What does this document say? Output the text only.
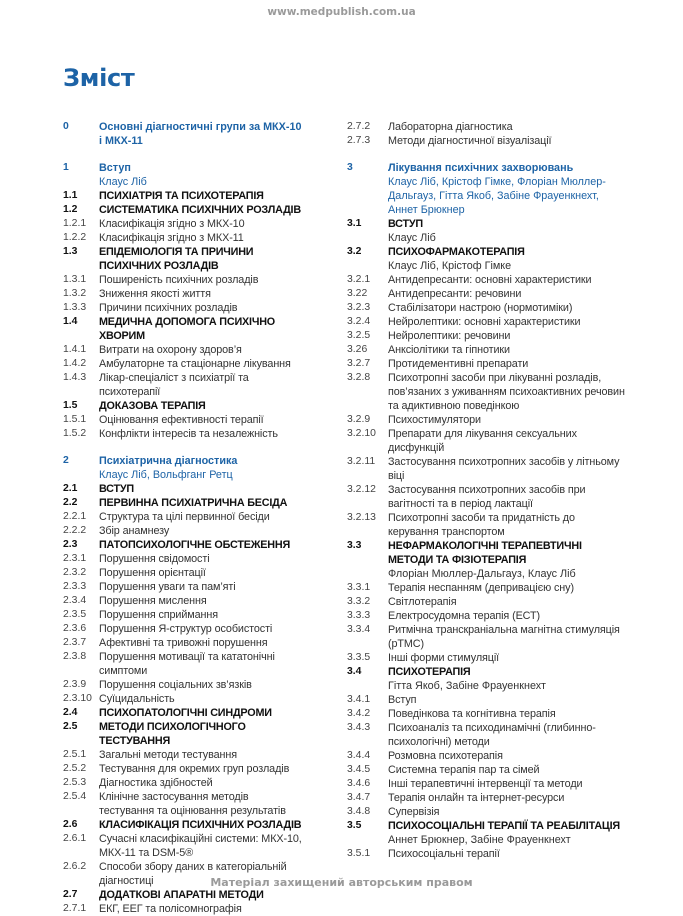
www.medpublish.com.ua
Зміст
0	Основні діагностичні групи за МКХ-10 і МКХ-11
1	Вступ
Клаус Ліб
1.1 ПСИХІАТРІЯ ТА ПСИХОТЕРАПІЯ
1.2 СИСТЕМАТИКА ПСИХІЧНИХ РОЗЛАДІВ
1.2.1 Класифікація згідно з МКХ-10
1.2.2 Класифікація згідно з МКХ-11
1.3 ЕПІДЕМІОЛОГІЯ ТА ПРИЧИНИ ПСИХІЧНИХ РОЗЛАДІВ
1.3.1 Поширеність психічних розладів
1.3.2 Зниження якості життя
1.3.3 Причини психічних розладів
1.4 МЕДИЧНА ДОПОМОГА ПСИХІЧНО ХВОРИМ
1.4.1 Витрати на охорону здоров’я
1.4.2 Амбулаторне та стаціонарне лікування
1.4.3 Лікар-спеціаліст з психіатрії та психотерапії
1.5 ДОКАЗОВА ТЕРАПІЯ
1.5.1 Оцінювання ефективності терапії
1.5.2 Конфлікти інтересів та незалежність
2	Психіатрична діагностика
Клаус Ліб, Вольфганг Ретц
2.1 ВСТУП
2.2 ПЕРВИННА ПСИХІАТРИЧНА БЕСІДА
2.2.1 Структура та цілі первинної бесіди
2.2.2 Збір анамнезу
2.3 ПАТОПСИХОЛОГІЧНЕ ОБСТЕЖЕННЯ
2.3.1 Порушення свідомості
2.3.2 Порушення орієнтації
2.3.3 Порушення уваги та пам’яті
2.3.4 Порушення мислення
2.3.5 Порушення сприймання
2.3.6 Порушення Я-структур особистості
2.3.7 Афективні та тривожні порушення
2.3.8 Порушення мотивації та кататонічні симптоми
2.3.9 Порушення соціальних зв’язків
2.3.10 Суїцидальність
2.4 ПСИХОПАТОЛОГІЧНІ СИНДРОМИ
2.5 МЕТОДИ ПСИХОЛОГІЧНОГО ТЕСТУВАННЯ
2.5.1 Загальні методи тестування
2.5.2 Тестування для окремих груп розладів
2.5.3 Діагностика здібностей
2.5.4 Клінічне застосування методів тестування та оцінювання результатів
2.6 КЛАСИФІКАЦІЯ ПСИХІЧНИХ РОЗЛАДІВ
2.6.1 Сучасні класифікаційні системи: МКХ-10, МКХ-11 та DSM-5®
2.6.2 Способи збору даних в категоріальній діагностиці
2.7 ДОДАТКОВІ АПАРАТНІ МЕТОДИ
2.7.1 ЕКГ, ЕЕГ та полісомнографія
2.7.2 Лабораторна діагностика
2.7.3 Методи діагностичної візуалізації
3	Лікування психічних захворювань
Клаус Ліб, Крістоф Гімке, Флоріан Мюллер-Дальгауз, Гітта Якоб, Забіне Фрауенкнехт, Аннет Брюкнер
3.1 ВСТУП
Клаус Ліб
3.2 ПСИХОФАРМАКОТЕРАПІЯ
Клаус Ліб, Крістоф Гімке
3.2.1 Антидепресанти: основні характеристики
3.22 Антидепресанти: речовини
3.2.3 Стабілізатори настрою (нормотиміки)
3.2.4 Нейролептики: основні характеристики
3.2.5 Нейролептики: речовини
3.26 Анксіолітики та гіпнотики
3.2.7 Протидементивні препарати
3.2.8 Психотропні засоби при лікуванні розладів, пов’язаних з уживанням психоактивних речовин та адиктивною поведінкою
3.2.9 Психостимулятори
3.2.10 Препарати для лікування сексуальних дисфункцій
3.2.11 Застосування психотропних засобів у літньому віці
3.2.12 Застосування психотропних засобів при вагітності та в період лактації
3.2.13 Психотропні засоби та придатність до керування транспортом
3.3 НЕФАРМАКОЛОГІЧНІ ТЕРАПЕВТИЧНІ МЕТОДИ ТА ФІЗІОТЕРАПІЯ
Флоріан Мюллер-Дальгауз, Клаус Ліб
3.3.1 Терапія неспанням (депривацією сну)
3.3.2 Світлотерапія
3.3.3 Електросудомна терапія (ЕСТ)
3.3.4 Ритмічна транскраніальна магнітна стимуляція (рТМС)
3.3.5 Інші форми стимуляції
3.4 ПСИХОТЕРАПІЯ
Гітта Якоб, Забіне Фрауенкнехт
3.4.1 Вступ
3.4.2 Поведінкова та когнітивна терапія
3.4.3 Психоаналіз та психодинамічні (глибинно-психологічні) методи
3.4.4 Розмовна психотерапія
3.4.5 Системна терапія пар та сімей
3.4.6 Інші терапевтичні інтервенції та методи
3.4.7 Терапія онлайн та інтернет-ресурси
3.4.8 Супервізія
3.5 ПСИХОСОЦІАЛЬНІ ТЕРАПІЇ ТА РЕАБІЛІТАЦІЯ
Аннет Брюкнер, Забіне Фрауенкнехт
3.5.1 Психосоціальні терапії
Матеріал захищений авторським правом
